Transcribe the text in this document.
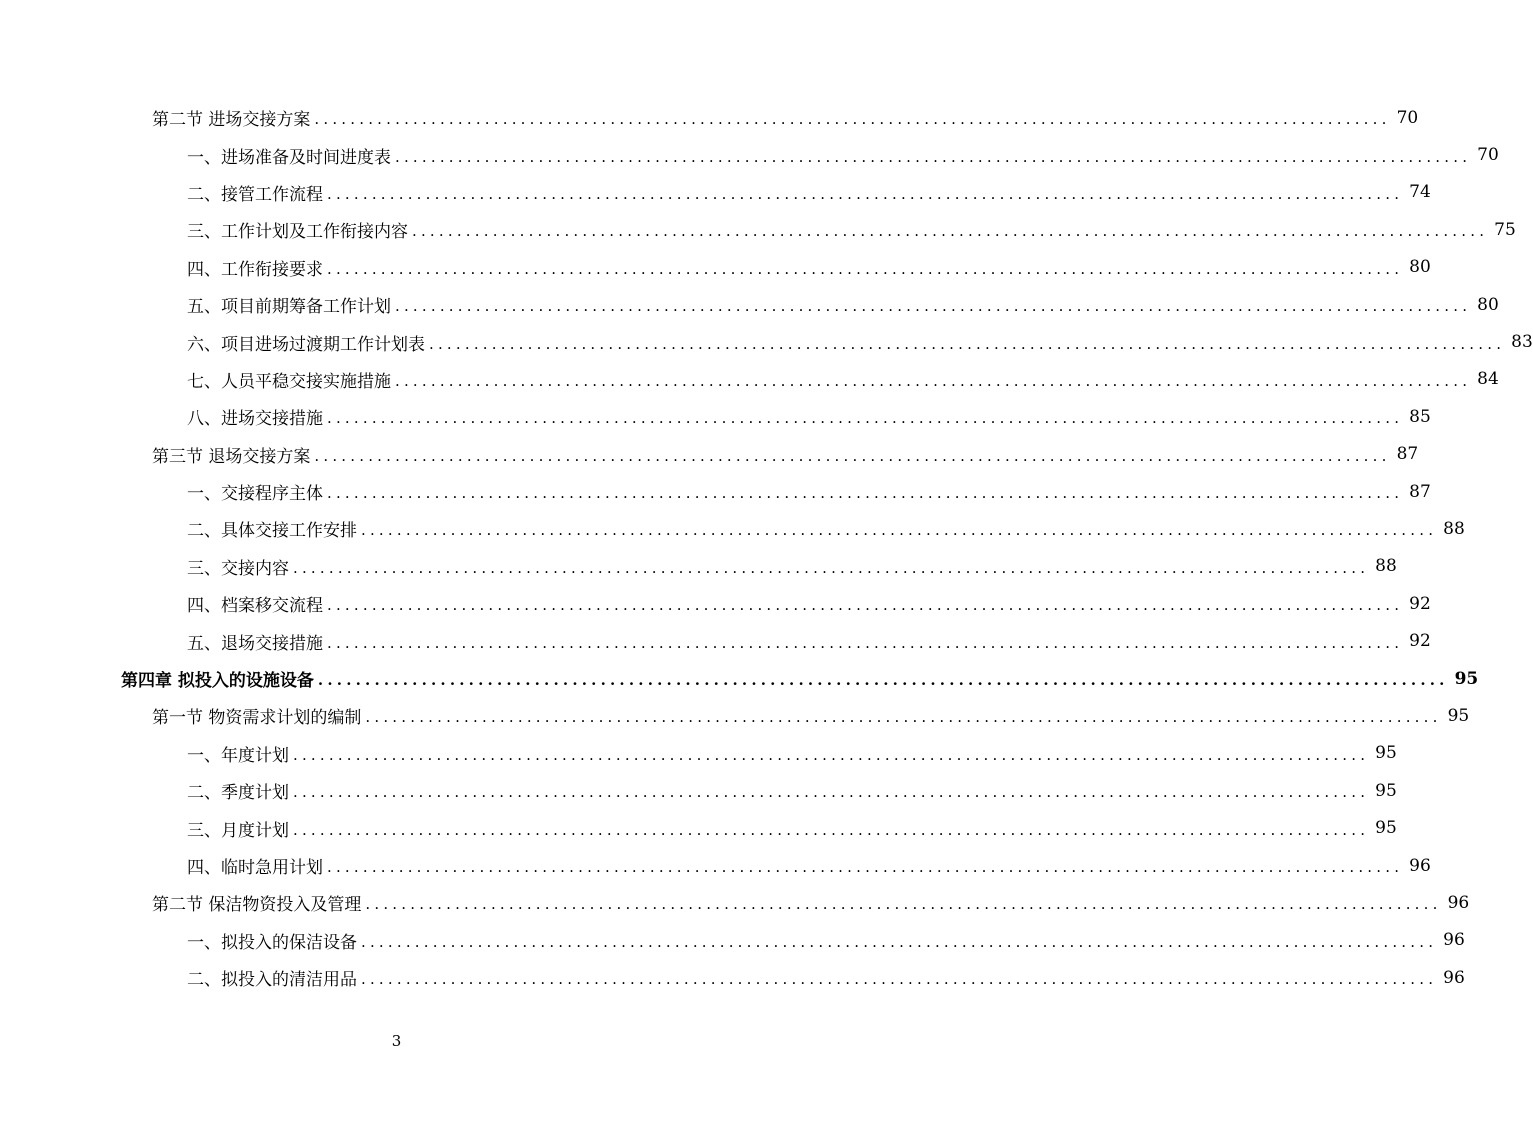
第二节 进场交接方案 ........................................................................................................................ 70
一、进场准备及时间进度表 ........................................................................................................................ 70
二、接管工作流程 ........................................................................................................................ 74
三、工作计划及工作衔接内容 ........................................................................................................................ 75
四、工作衔接要求 ........................................................................................................................ 80
五、项目前期筹备工作计划 ........................................................................................................................ 80
六、项目进场过渡期工作计划表 ........................................................................................................................ 83
七、人员平稳交接实施措施 ........................................................................................................................ 84
八、进场交接措施 ........................................................................................................................ 85
第三节 退场交接方案 ........................................................................................................................ 87
一、交接程序主体 ........................................................................................................................ 87
二、具体交接工作安排 ........................................................................................................................ 88
三、交接内容 ........................................................................................................................ 88
四、档案移交流程 ........................................................................................................................ 92
五、退场交接措施 ........................................................................................................................ 92
第四章 拟投入的设施设备 ........................................................................................................................ 95
第一节 物资需求计划的编制 ........................................................................................................................ 95
一、年度计划 ........................................................................................................................ 95
二、季度计划 ........................................................................................................................ 95
三、月度计划 ........................................................................................................................ 95
四、临时急用计划 ........................................................................................................................ 96
第二节 保洁物资投入及管理 ........................................................................................................................ 96
一、拟投入的保洁设备 ........................................................................................................................ 96
二、拟投入的清洁用品 ........................................................................................................................ 96
3
